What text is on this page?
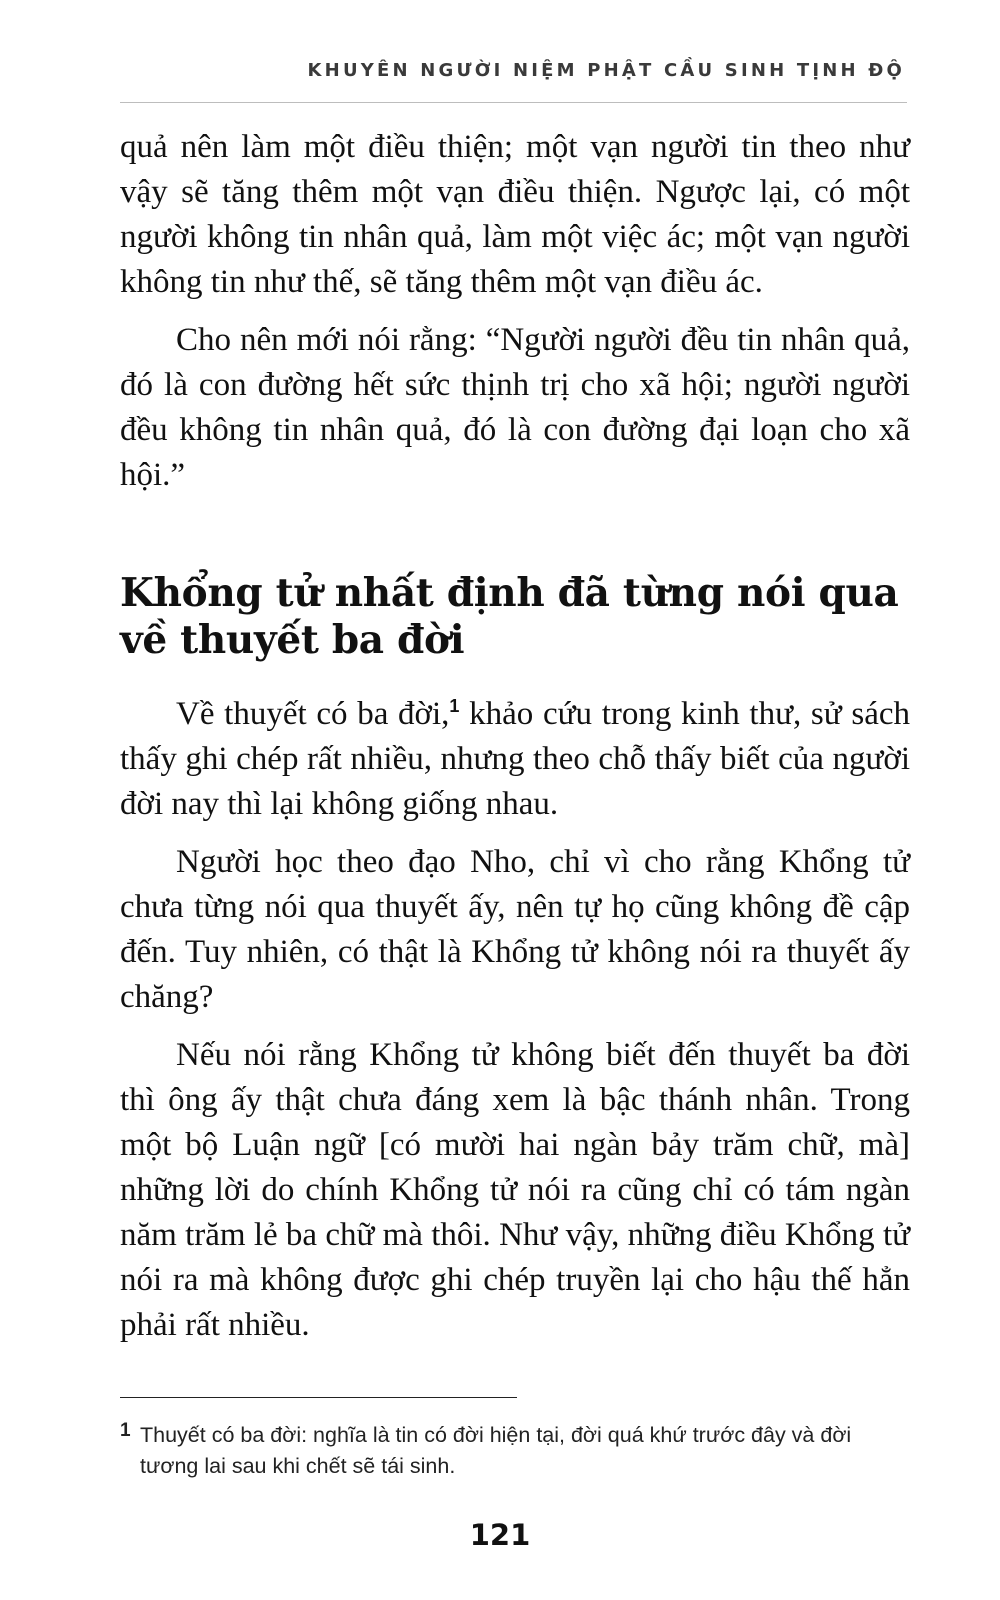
KHUYÊN NGƯỜI NIỆM PHẬT CẦU SINH TỊNH ĐỘ

quả nên làm một điều thiện; một vạn người tin theo như vậy sẽ tăng thêm một vạn điều thiện. Ngược lại, có một người không tin nhân quả, làm một việc ác; một vạn người không tin như thế, sẽ tăng thêm một vạn điều ác.

Cho nên mới nói rằng: “Người người đều tin nhân quả, đó là con đường hết sức thịnh trị cho xã hội; người người đều không tin nhân quả, đó là con đường đại loạn cho xã hội.”

Khổng tử nhất định đã từng nói qua về thuyết ba đời

Về thuyết có ba đời,$^1$ khảo cứu trong kinh thư, sử sách thấy ghi chép rất nhiều, nhưng theo chỗ thấy biết của người đời nay thì lại không giống nhau.

Người học theo đạo Nho, chỉ vì cho rằng Khổng tử chưa từng nói qua thuyết ấy, nên tự họ cũng không đề cập đến. Tuy nhiên, có thật là Khổng tử không nói ra thuyết ấy chăng?

Nếu nói rằng Khổng tử không biết đến thuyết ba đời thì ông ấy thật chưa đáng xem là bậc thánh nhân. Trong một bộ Luận ngữ [có mười hai ngàn bảy trăm chữ, mà] những lời do chính Khổng tử nói ra cũng chỉ có tám ngàn năm trăm lẻ ba chữ mà thôi. Như vậy, những điều Khổng tử nói ra mà không được ghi chép truyền lại cho hậu thế hẳn phải rất nhiều.

1 Thuyết có ba đời: nghĩa là tin có đời hiện tại, đời quá khứ trước đây và đời tương lai sau khi chết sẽ tái sinh.
121
